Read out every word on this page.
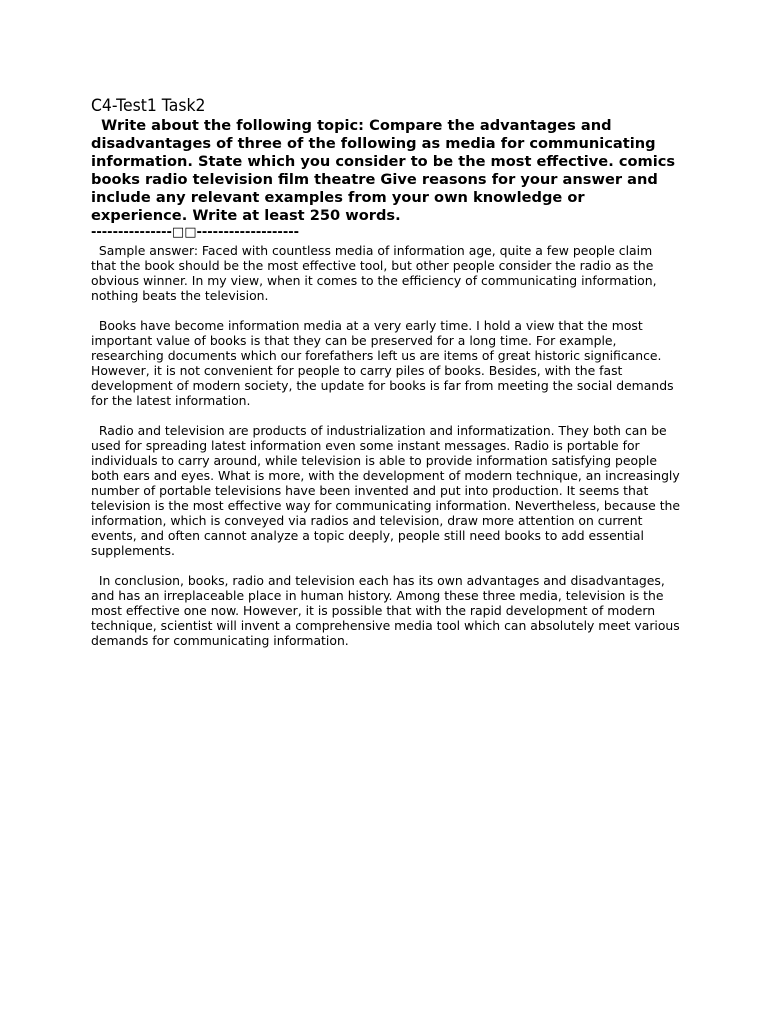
C4-Test1 Task2

Write about the following topic: Compare the advantages and disadvantages of three of the following as media for communicating information. State which you consider to be the most effective. comics books radio television film theatre Give reasons for your answer and include any relevant examples from your own knowledge or experience. Write at least 250 words.

---------------□□-------------------

Sample answer: Faced with countless media of information age, quite a few people claim that the book should be the most effective tool, but other people consider the radio as the obvious winner. In my view, when it comes to the efficiency of communicating information, nothing beats the television.

Books have become information media at a very early time. I hold a view that the most important value of books is that they can be preserved for a long time. For example, researching documents which our forefathers left us are items of great historic significance. However, it is not convenient for people to carry piles of books. Besides, with the fast development of modern society, the update for books is far from meeting the social demands for the latest information.

Radio and television are products of industrialization and informatization. They both can be used for spreading latest information even some instant messages. Radio is portable for individuals to carry around, while television is able to provide information satisfying people both ears and eyes. What is more, with the development of modern technique, an increasingly number of portable televisions have been invented and put into production. It seems that television is the most effective way for communicating information. Nevertheless, because the information, which is conveyed via radios and television, draw more attention on current events, and often cannot analyze a topic deeply, people still need books to add essential supplements.

In conclusion, books, radio and television each has its own advantages and disadvantages, and has an irreplaceable place in human history. Among these three media, television is the most effective one now. However, it is possible that with the rapid development of modern technique, scientist will invent a comprehensive media tool which can absolutely meet various demands for communicating information.
